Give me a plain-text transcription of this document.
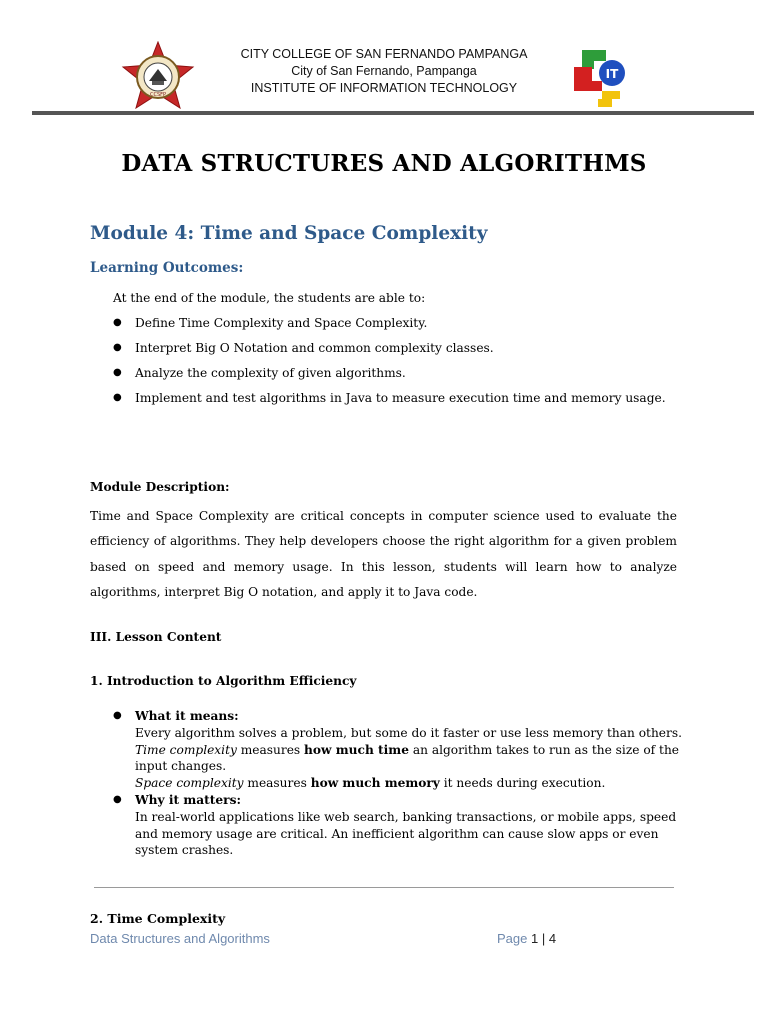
CCSFP
IT
CITY COLLEGE OF SAN FERNANDO PAMPANGA
City of San Fernando, Pampanga
INSTITUTE OF INFORMATION TECHNOLOGY
DATA STRUCTURES AND ALGORITHMS
Module 4: Time and Space Complexity
Learning Outcomes:
At the end of the module, the students are able to:
● Define Time Complexity and Space Complexity.
● Interpret Big O Notation and common complexity classes.
● Analyze the complexity of given algorithms.
● Implement and test algorithms in Java to measure execution time and memory usage.
Module Description:
Time and Space Complexity are critical concepts in computer science used to evaluate the efficiency of algorithms. They help developers choose the right algorithm for a given problem based on speed and memory usage. In this lesson, students will learn how to analyze algorithms, interpret Big O notation, and apply it to Java code.
III. Lesson Content
1. Introduction to Algorithm Efficiency
● What it means:
Every algorithm solves a problem, but some do it faster or use less memory than others.
Time complexity measures how much time an algorithm takes to run as the size of the input changes.
Space complexity measures how much memory it needs during execution.
● Why it matters:
In real-world applications like web search, banking transactions, or mobile apps, speed and memory usage are critical. An inefficient algorithm can cause slow apps or even system crashes.
2. Time Complexity
Data Structures and Algorithms	Page 1 | 4
